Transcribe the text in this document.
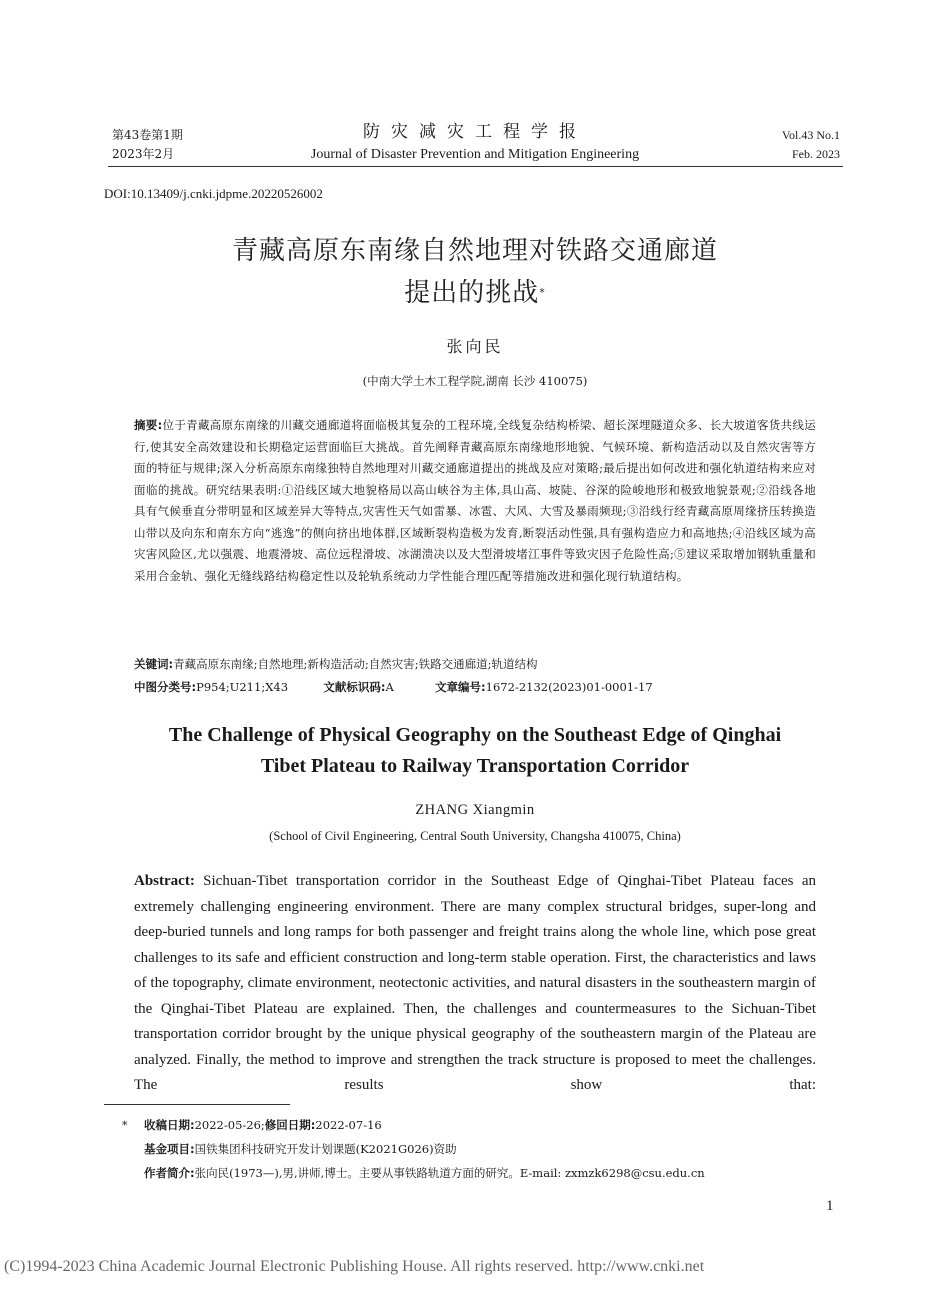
第43卷第1期
2023年2月
防灾减灾工程学报
Journal of Disaster Prevention and Mitigation Engineering
Vol.43 No.1
Feb. 2023
DOI:10.13409/j.cnki.jdpme.20220526002
青藏高原东南缘自然地理对铁路交通廊道
提出的挑战*
张向民
(中南大学土木工程学院,湖南 长沙 410075)
摘要:位于青藏高原东南缘的川藏交通廊道将面临极其复杂的工程环境,全线复杂结构桥梁、超长深埋隧道众多、长大坡道客货共线运行,使其安全高效建设和长期稳定运营面临巨大挑战。首先阐释青藏高原东南缘地形地貌、气候环境、新构造活动以及自然灾害等方面的特征与规律;深入分析高原东南缘独特自然地理对川藏交通廊道提出的挑战及应对策略;最后提出如何改进和强化轨道结构来应对面临的挑战。研究结果表明:①沿线区域大地貌格局以高山峡谷为主体,具山高、坡陡、谷深的险峻地形和极致地貌景观;②沿线各地具有气候垂直分带明显和区域差异大等特点,灾害性天气如雷暴、冰雹、大风、大雪及暴雨频现;③沿线行经青藏高原周缘挤压转换造山带以及向东和南东方向“逃逸”的侧向挤出地体群,区域断裂构造极为发育,断裂活动性强,具有强构造应力和高地热;④沿线区域为高灾害风险区,尤以强震、地震滑坡、高位远程滑坡、冰湖溃决以及大型滑坡堵江事件等致灾因子危险性高;⑤建议采取增加钢轨重量和采用合金轨、强化无缝线路结构稳定性以及轮轨系统动力学性能合理匹配等措施改进和强化现行轨道结构。
关键词:青藏高原东南缘;自然地理;新构造活动;自然灾害;铁路交通廊道;轨道结构
中图分类号:P954;U211;X43	文献标识码:A	文章编号:1672-2132(2023)01-0001-17
The Challenge of Physical Geography on the Southeast Edge of Qinghai
Tibet Plateau to Railway Transportation Corridor
ZHANG Xiangmin
(School of Civil Engineering, Central South University, Changsha 410075, China)
Abstract: Sichuan-Tibet transportation corridor in the Southeast Edge of Qinghai-Tibet Plateau faces an extremely challenging engineering environment. There are many complex structural bridges, super-long and deep-buried tunnels and long ramps for both passenger and freight trains along the whole line, which pose great challenges to its safe and efficient construction and long-term stable operation. First, the characteristics and laws of the topography, climate environment, neotectonic activities, and natural disasters in the southeastern margin of the Qinghai-Tibet Plateau are explained. Then, the challenges and countermeasures to the Sichuan-Tibet transportation corridor brought by the unique physical geography of the southeastern margin of the Plateau are analyzed. Finally, the method to improve and strengthen the track structure is proposed to meet the challenges. The results show that:
* 收稿日期:2022-05-26;修回日期:2022-07-16
基金项目:国铁集团科技研究开发计划课题(K2021G026)资助
作者简介:张向民(1973—),男,讲师,博士。主要从事铁路轨道方面的研究。E-mail: zxmzk6298@csu.edu.cn
1
(C)1994-2023 China Academic Journal Electronic Publishing House. All rights reserved. http://www.cnki.net
